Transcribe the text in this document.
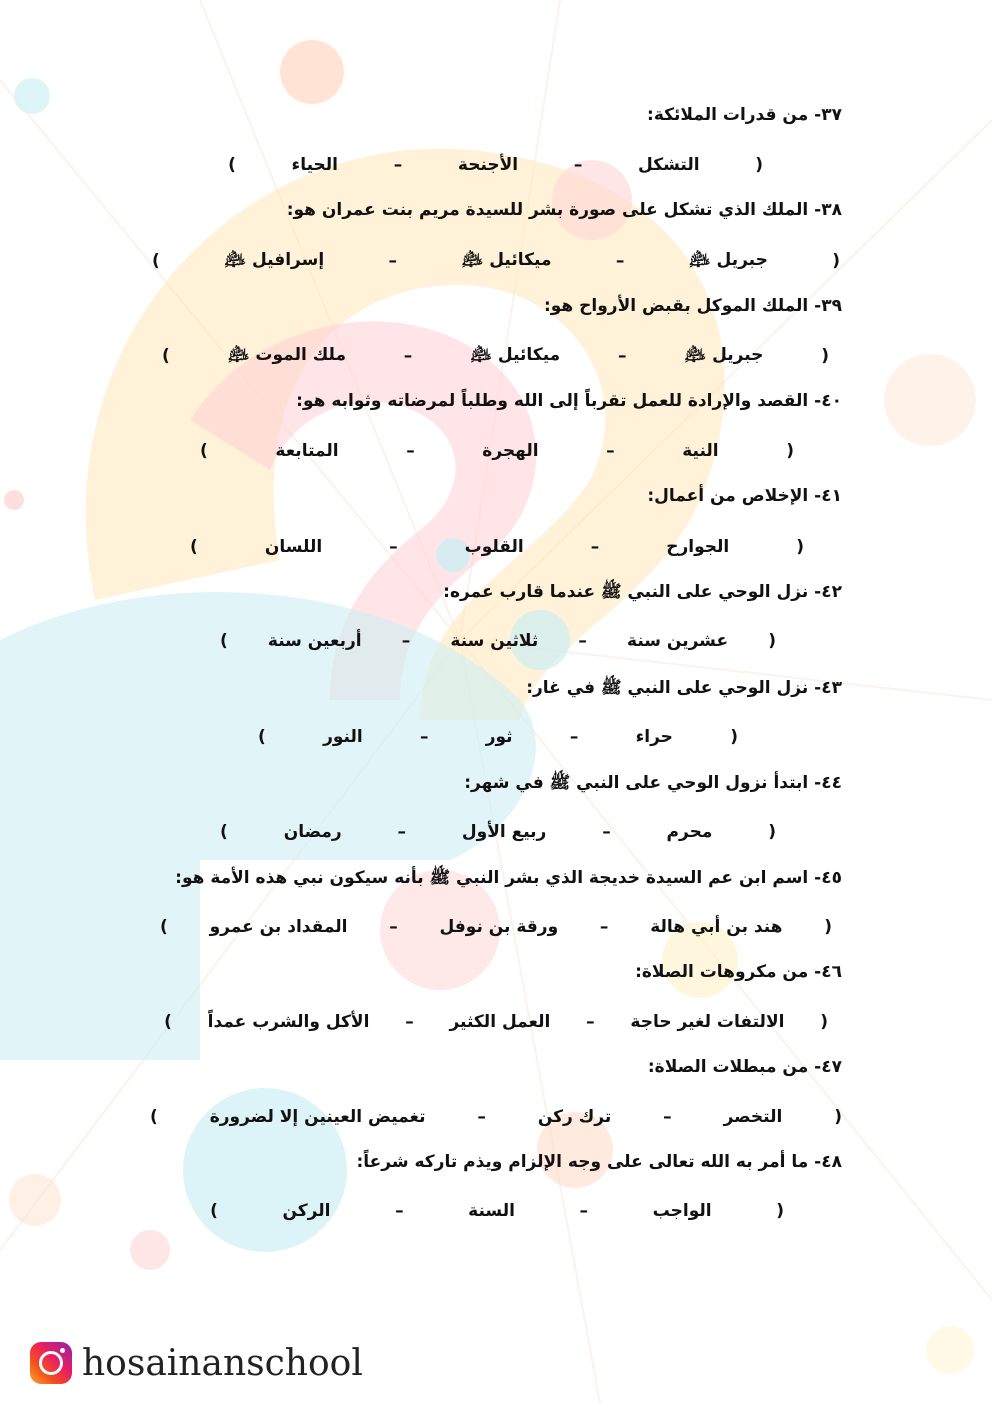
٣٧- من قدرات الملائكة:
(
التشكل
–
الأجنحة
–
الحياء
)
٣٨- الملك الذي تشكل على صورة بشر للسيدة مريم بنت عمران هو:
(
جبريل ﵇
–
ميكائيل ﵇
–
إسرافيل ﵇
)
٣٩- الملك الموكل بقبض الأرواح هو:
(
جبريل ﵇
–
ميكائيل ﵇
–
ملك الموت ﵇
)
٤٠- القصد والإرادة للعمل تقرباً إلى الله وطلباً لمرضاته وثوابه هو:
(
النية
–
الهجرة
–
المتابعة
)
٤١- الإخلاص من أعمال:
(
الجوارح
–
القلوب
–
اللسان
)
٤٢- نزل الوحي على النبي ﷺ عندما قارب عمره:
(
عشرين سنة
–
ثلاثين سنة
–
أربعين سنة
)
٤٣- نزل الوحي على النبي ﷺ في غار:
(
حراء
–
ثور
–
النور
)
٤٤- ابتدأ نزول الوحي على النبي ﷺ في شهر:
(
محرم
–
ربيع الأول
–
رمضان
)
٤٥- اسم ابن عم السيدة خديجة الذي بشر النبي ﷺ بأنه سيكون نبي هذه الأمة هو:
(
هند بن أبي هالة
–
ورقة بن نوفل
–
المقداد بن عمرو
)
٤٦- من مكروهات الصلاة:
(
الالتفات لغير حاجة
–
العمل الكثير
–
الأكل والشرب عمداً
)
٤٧- من مبطلات الصلاة:
(
التخصر
–
ترك ركن
–
تغميض العينين إلا لضرورة
)
٤٨- ما أمر به الله تعالى على وجه الإلزام ويذم تاركه شرعاً:
(
الواجب
–
السنة
–
الركن
)
hosainanschool
